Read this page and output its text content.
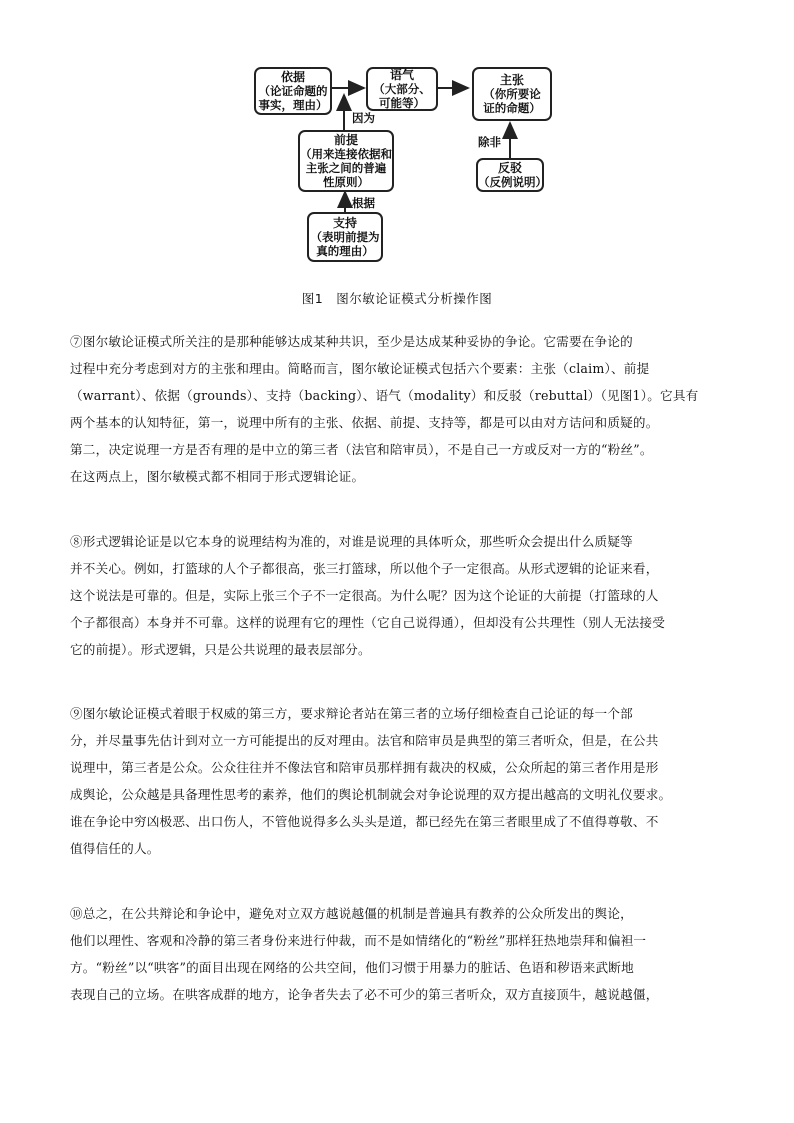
依据
（论证命题的
事实，理由）
语气
（大部分、
可能等）
主张
（你所要论
证的命题）
因为
除非
根据
前提
（用来连接依据和
主张之间的普遍
性原则）
反驳
（反例说明）
支持
（表明前提为
真的理由）
图1　图尔敏论证模式分析操作图
⑦图尔敏论证模式所关注的是那种能够达成某种共识，至少是达成某种妥协的争论。它需要在争论的
过程中充分考虑到对方的主张和理由。简略而言，图尔敏论证模式包括六个要素：主张（claim）、前提
（warrant）、依据（grounds）、支持（backing）、语气（modality）和反驳（rebuttal）（见图1）。它具有
两个基本的认知特征，第一，说理中所有的主张、依据、前提、支持等，都是可以由对方诘问和质疑的。
第二，决定说理一方是否有理的是中立的第三者（法官和陪审员），不是自己一方或反对一方的“粉丝”。
在这两点上，图尔敏模式都不相同于形式逻辑论证。
⑧形式逻辑论证是以它本身的说理结构为准的，对谁是说理的具体听众，那些听众会提出什么质疑等
并不关心。例如，打篮球的人个子都很高，张三打篮球，所以他个子一定很高。从形式逻辑的论证来看，
这个说法是可靠的。但是，实际上张三个子不一定很高。为什么呢？因为这个论证的大前提（打篮球的人
个子都很高）本身并不可靠。这样的说理有它的理性（它自己说得通），但却没有公共理性（别人无法接受
它的前提）。形式逻辑，只是公共说理的最表层部分。
⑨图尔敏论证模式着眼于权威的第三方，要求辩论者站在第三者的立场仔细检查自己论证的每一个部
分，并尽量事先估计到对立一方可能提出的反对理由。法官和陪审员是典型的第三者听众，但是，在公共
说理中，第三者是公众。公众往往并不像法官和陪审员那样拥有裁决的权威，公众所起的第三者作用是形
成舆论，公众越是具备理性思考的素养，他们的舆论机制就会对争论说理的双方提出越高的文明礼仪要求。
谁在争论中穷凶极恶、出口伤人，不管他说得多么头头是道，都已经先在第三者眼里成了不值得尊敬、不
值得信任的人。
⑩总之，在公共辩论和争论中，避免对立双方越说越僵的机制是普遍具有教养的公众所发出的舆论，
他们以理性、客观和冷静的第三者身份来进行仲裁，而不是如情绪化的“粉丝”那样狂热地崇拜和偏袒一
方。“粉丝”以“哄客”的面目出现在网络的公共空间，他们习惯于用暴力的脏话、色语和秽语来武断地
表现自己的立场。在哄客成群的地方，论争者失去了必不可少的第三者听众，双方直接顶牛，越说越僵，
